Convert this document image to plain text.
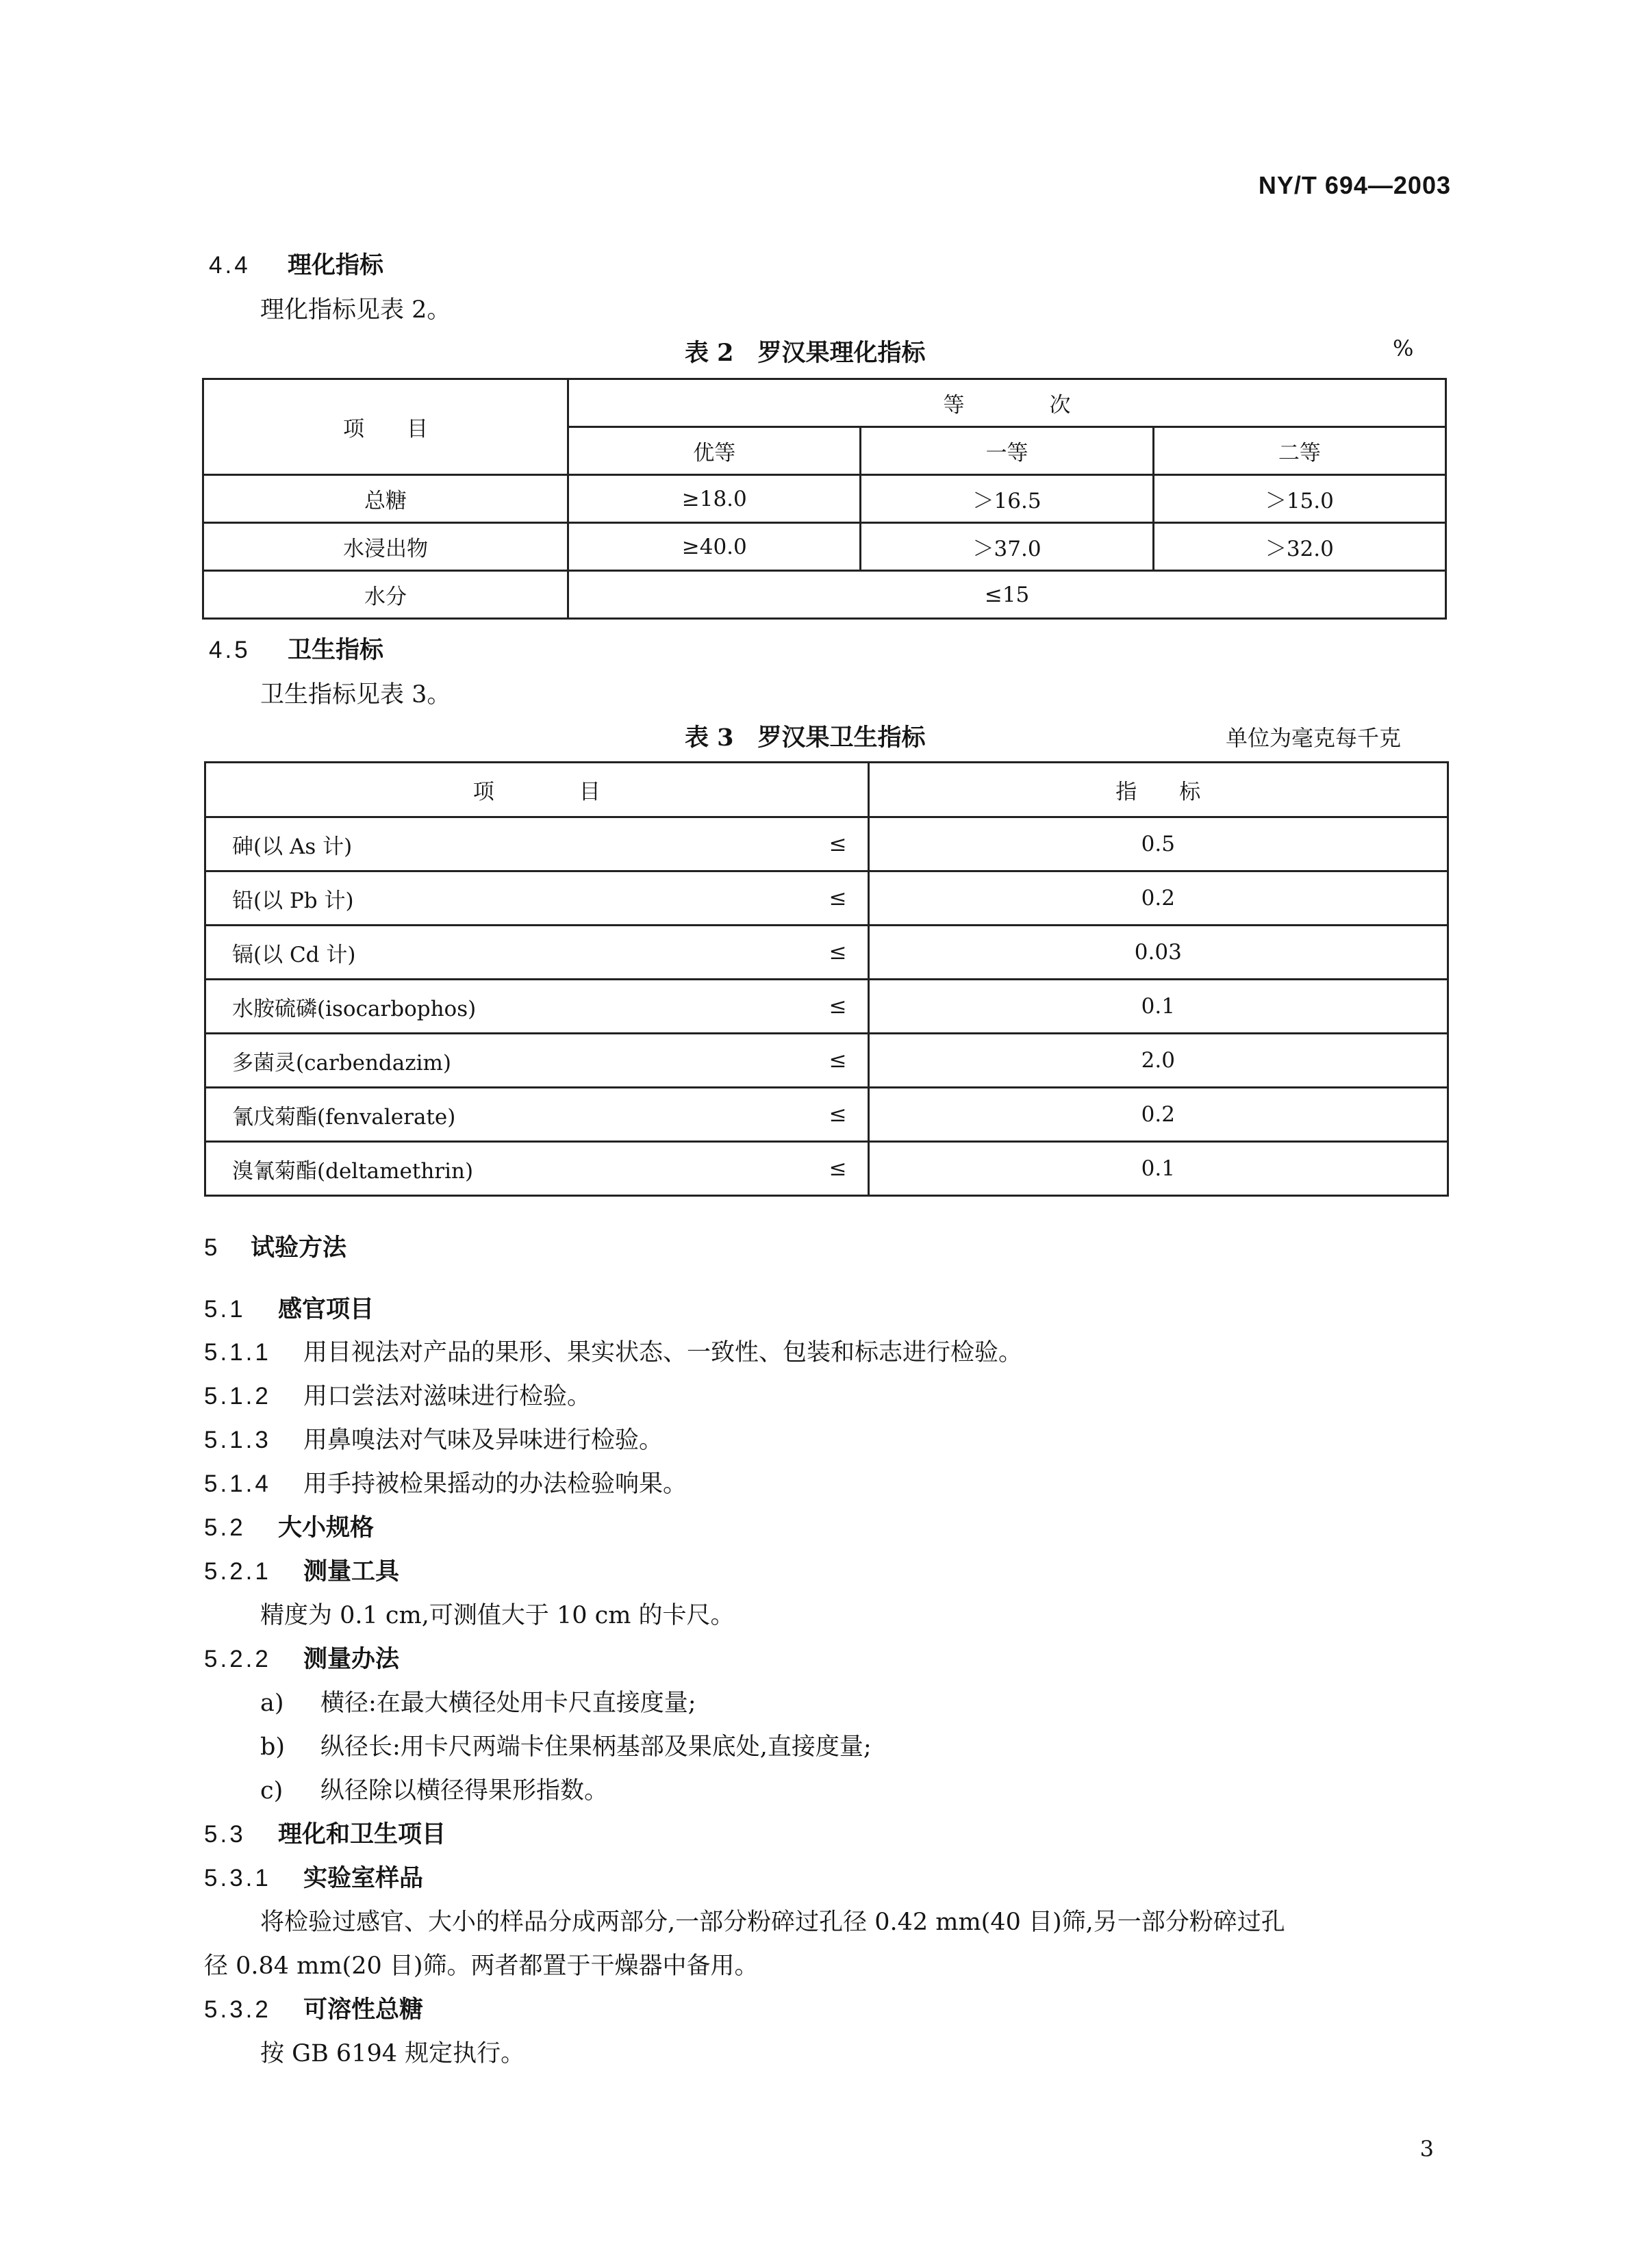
NY/T 694—2003
4.4 理化指标
理化指标见表 2。
表 2　罗汉果理化指标	%
项　　目	等　　　　次		
	优等	一等	二等
总糖	≥18.0	＞16.5	＞15.0
水浸出物	≥40.0	＞37.0	＞32.0
水分	≤15		
4.5 卫生指标
卫生指标见表 3。
表 3　罗汉果卫生指标	单位为毫克每千克
项　　　　目		指　　标
砷(以 As 计)	≤	0.5
铅(以 Pb 计)	≤	0.2
镉(以 Cd 计)	≤	0.03
水胺硫磷(isocarbophos)	≤	0.1
多菌灵(carbendazim)	≤	2.0
氰戊菊酯(fenvalerate)	≤	0.2
溴氰菊酯(deltamethrin)	≤	0.1
5 试验方法
5.1 感官项目
5.1.1 用目视法对产品的果形、果实状态、一致性、包装和标志进行检验。
5.1.2 用口尝法对滋味进行检验。
5.1.3 用鼻嗅法对气味及异味进行检验。
5.1.4 用手持被检果摇动的办法检验响果。
5.2 大小规格
5.2.1 测量工具
精度为 0.1 cm,可测值大于 10 cm 的卡尺。
5.2.2 测量办法
a) 横径:在最大横径处用卡尺直接度量;
b) 纵径长:用卡尺两端卡住果柄基部及果底处,直接度量;
c) 纵径除以横径得果形指数。
5.3 理化和卫生项目
5.3.1 实验室样品
将检验过感官、大小的样品分成两部分,一部分粉碎过孔径 0.42 mm(40 目)筛,另一部分粉碎过孔
径 0.84 mm(20 目)筛。两者都置于干燥器中备用。
5.3.2 可溶性总糖
按 GB 6194 规定执行。
3
